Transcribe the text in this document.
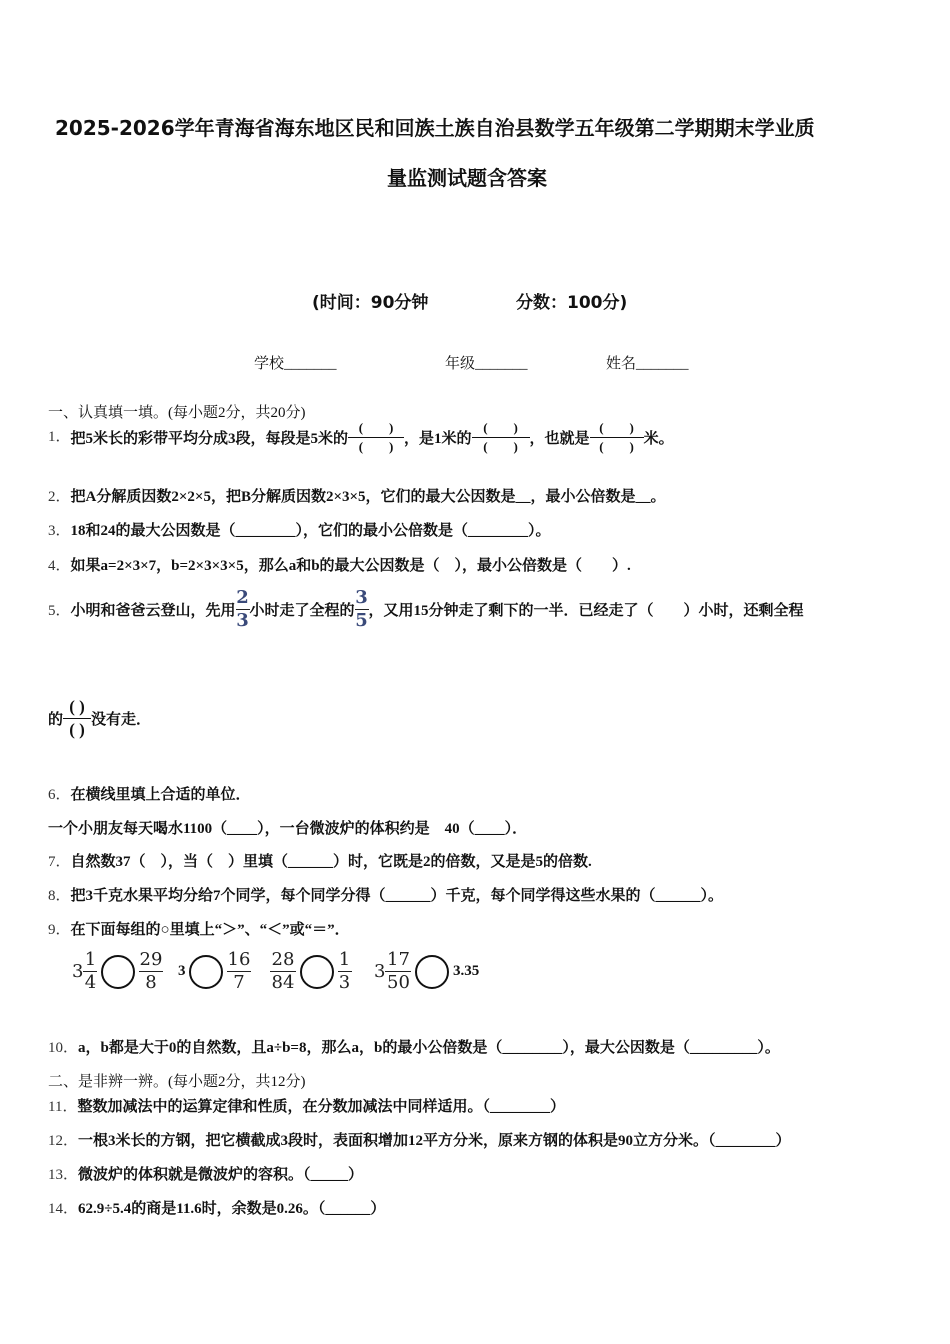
2025-2026学年青海省海东地区民和回族土族自治县数学五年级第二学期期末学业质
量监测试题含答案
(时间：90分钟	分数：100分)
学校_______	年级_______	姓名_______
一、认真填一填。(每小题2分，共20分)
1．把5米长的彩带平均分成3段，每段是5米的 $\frac{( )}{( )}$ ，是1米的 $\frac{( )}{( )}$ ，也就是 $\frac{( )}{( )}$ 米。
2．把A分解质因数2×2×5，把B分解质因数2×3×5，它们的最大公因数是__，最小公倍数是__。
3．18和24的最大公因数是（________），它们的最小公倍数是（________）。
4．如果a=2×3×7，b=2×3×3×5，那么a和b的最大公因数是（　），最小公倍数是（　　）.
5．小明和爸爸云登山，先用 $\frac{2}{3}$ 小时走了全程的 $\frac{3}{5}$ ，又用15分钟走了剩下的一半．已经走了（　　）小时，还剩全程
的 $\frac{( )}{( )}$ 没有走．
6．在横线里填上合适的单位．
一个小朋友每天喝水1100（____），一台微波炉的体积约是　40（____）．
7．自然数37（　），当（　）里填（______）时，它既是2的倍数，又是是5的倍数.
8．把3千克水果平均分给7个同学，每个同学分得（______）千克，每个同学得这些水果的（______）。
9．在下面每组的○里填上“＞”、“＜”或“＝”．
$3 \frac{1}{4}$
$\frac{29}{8} 3 \frac{16}{7} \frac{28}{84}$
$\frac{1}{3} 3 \frac{17}{50}$	3.35
10．a，b都是大于0的自然数，且a÷b=8，那么a，b的最小公倍数是（________），最大公因数是（_________）。
二、是非辨一辨。(每小题2分，共12分)
11．整数加减法中的运算定律和性质，在分数加减法中同样适用。（________）
12．一根3米长的方钢，把它横截成3段时，表面积增加12平方分米，原来方钢的体积是90立方分米。（________）
13．微波炉的体积就是微波炉的容积。（_____）
14．62.9÷5.4的商是11.6时，余数是0.26。（______）
